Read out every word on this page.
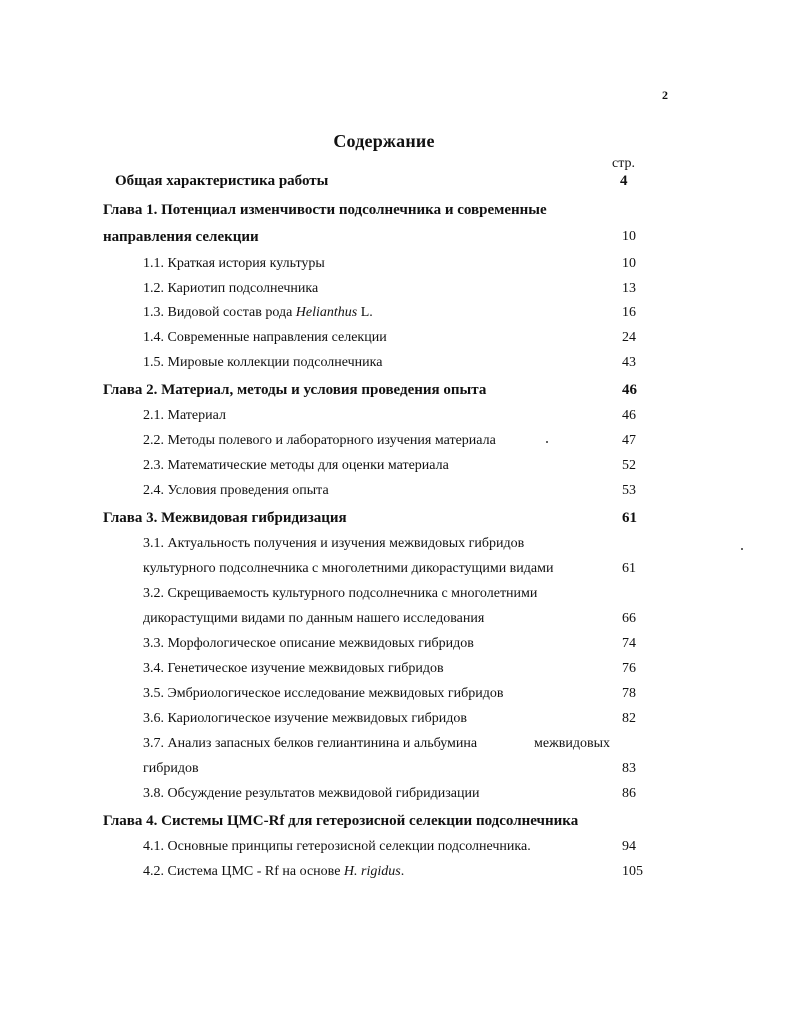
2
Содержание
стр.
Общая характеристика работы	4
Глава 1. Потенциал изменчивости подсолнечника и современные
направления селекции	10
1.1. Краткая история культуры	10
1.2. Кариотип подсолнечника	13
1.3. Видовой состав рода Helianthus L.	16
1.4. Современные направления селекции	24
1.5. Мировые коллекции подсолнечника	43
Глава 2. Материал, методы и условия проведения опыта	46
2.1. Материал	46
2.2. Методы полевого и лабораторного изучения материала	47
2.3. Математические методы для оценки материала	52
2.4. Условия проведения опыта	53
Глава 3. Межвидовая гибридизация	61
3.1. Актуальность получения и изучения межвидовых гибридов
культурного подсолнечника с многолетними дикорастущими видами	61
3.2. Скрещиваемость культурного подсолнечника с многолетними
дикорастущими видами по данным нашего исследования	66
3.3. Морфологическое описание межвидовых гибридов	74
3.4. Генетическое изучение межвидовых гибридов	76
3.5. Эмбриологическое исследование межвидовых гибридов	78
3.6. Кариологическое изучение межвидовых гибридов	82
3.7. Анализ запасных белков гелиантинина и альбумина	межвидовых
гибридов	83
3.8. Обсуждение результатов межвидовой гибридизации	86
Глава 4. Системы ЦМС-Rf для гетерозисной селекции подсолнечника
4.1. Основные принципы гетерозисной селекции подсолнечника.	94
4.2. Система ЦМС - Rf на основе H. rigidus.	105
